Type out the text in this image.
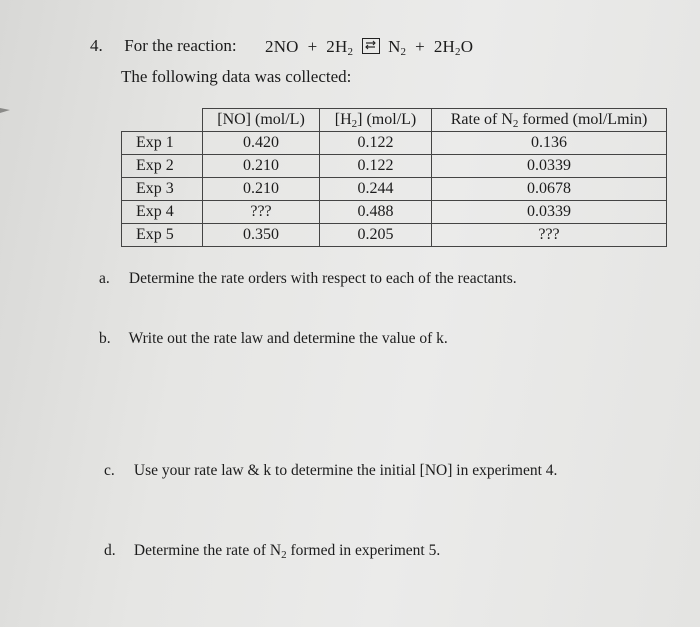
4. For the reaction: $2NO + 2H_2$ $N_2 + 2H_2O$
The following data was collected:
	[NO] (mol/L)	$[H_2]$ (mol/L)	Rate of $N_2$ formed (mol/Lmin)
Exp 1	0.420	0.122	0.136
Exp 2	0.210	0.122	0.0339
Exp 3	0.210	0.244	0.0678
Exp 4	???	0.488	0.0339
Exp 5	0.350	0.205	???
a. Determine the rate orders with respect to each of the reactants.
b. Write out the rate law and determine the value of k.
c. Use your rate law & k to determine the initial [NO] in experiment 4.
d. Determine the rate of $N_2$ formed in experiment 5.
